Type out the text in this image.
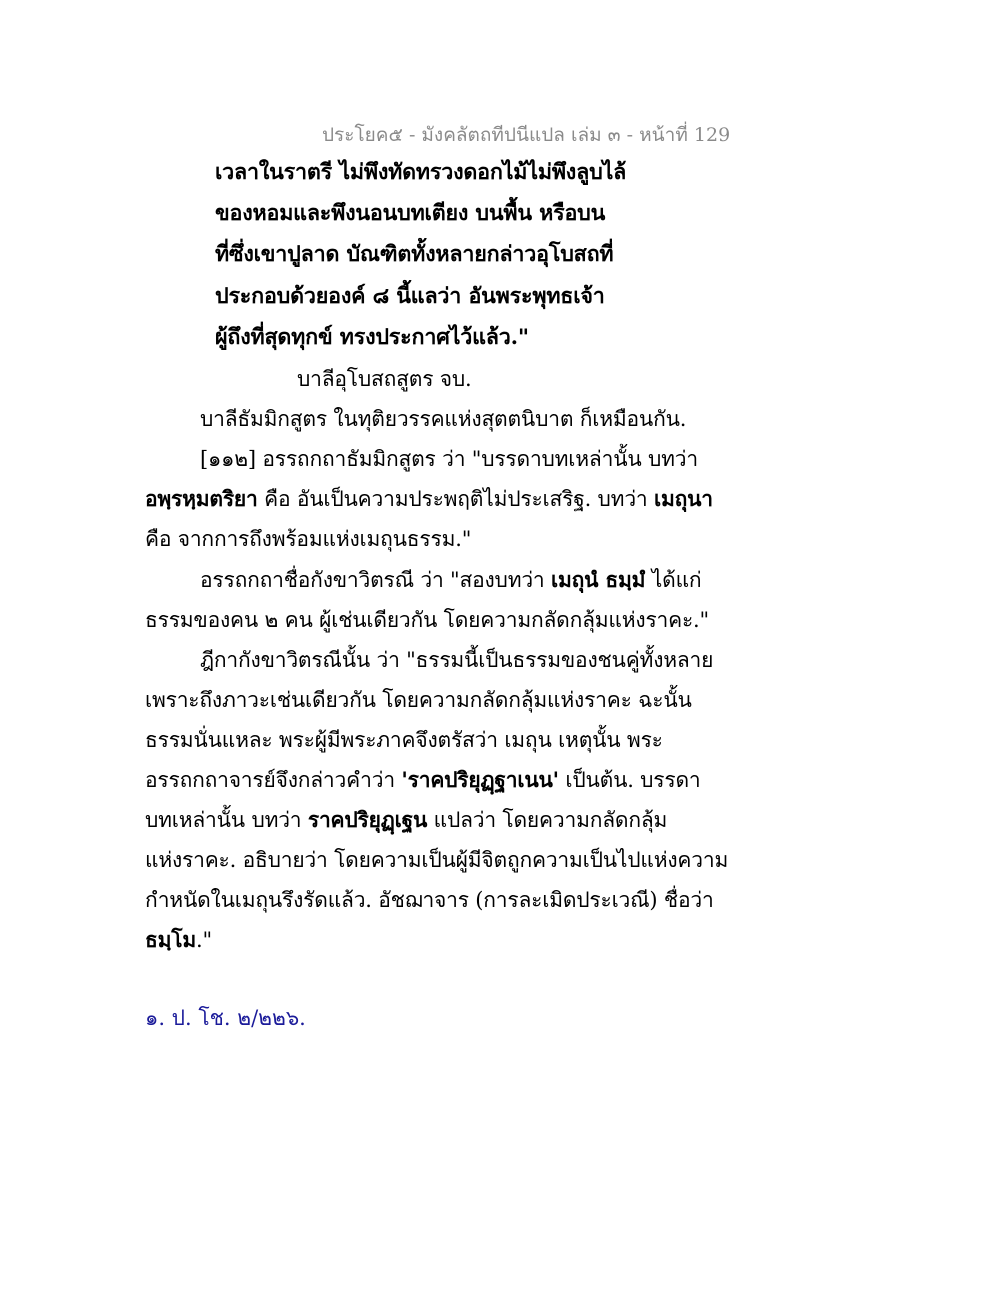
ประโยค๕ - มังคลัตถทีปนีแปล เล่ม ๓ - หน้าที่ 129
เวลาในราตรี ไม่พึงทัดทรวงดอกไม้ไม่พึงลูบไล้
ของหอมและพึงนอนบทเตียง บนพื้น หรือบน
ที่ซึ่งเขาปูลาด บัณฑิตทั้งหลายกล่าวอุโบสถที่
ประกอบด้วยองค์ ๘ นี้แลว่า อันพระพุทธเจ้า
ผู้ถึงที่สุดทุกข์ ทรงประกาศไว้แล้ว."
บาลีอุโบสถสูตร จบ.
บาลีธัมมิกสูตร ในทุติยวรรคแห่งสุตตนิบาต ก็เหมือนกัน.
[๑๑๒] อรรถกถาธัมมิกสูตร ว่า "บรรดาบทเหล่านั้น บทว่า
อพฺรหฺมตริยา คือ อันเป็นความประพฤติไม่ประเสริฐ. บทว่า เมถุนา
คือ จากการถึงพร้อมแห่งเมถุนธรรม."
อรรถกถาชื่อกังขาวิตรณี ว่า "สองบทว่า เมถุนํ ธมฺมํ ได้แก่
ธรรมของคน ๒ คน ผู้เช่นเดียวกัน โดยความกลัดกลุ้มแห่งราคะ."
ฎีกากังขาวิตรณีนั้น ว่า "ธรรมนี้เป็นธรรมของชนคู่ทั้งหลาย
เพราะถึงภาวะเช่นเดียวกัน โดยความกลัดกลุ้มแห่งราคะ ฉะนั้น
ธรรมนั่นแหละ พระผู้มีพระภาคจึงตรัสว่า เมถุน เหตุนั้น พระ
อรรถกถาจารย์จึงกล่าวคำว่า 'ราคปริยุฏฺฐาเนน' เป็นต้น. บรรดา
บทเหล่านั้น บทว่า ราคปริยุฏฺเฐน แปลว่า โดยความกลัดกลุ้ม
แห่งราคะ. อธิบายว่า โดยความเป็นผู้มีจิตถูกความเป็นไปแห่งความ
กำหนัดในเมถุนรึงรัดแล้ว. อัชฌาจาร (การละเมิดประเวณี) ชื่อว่า
ธมฺโม."
๑. ป. โช. ๒/๒๒๖.
